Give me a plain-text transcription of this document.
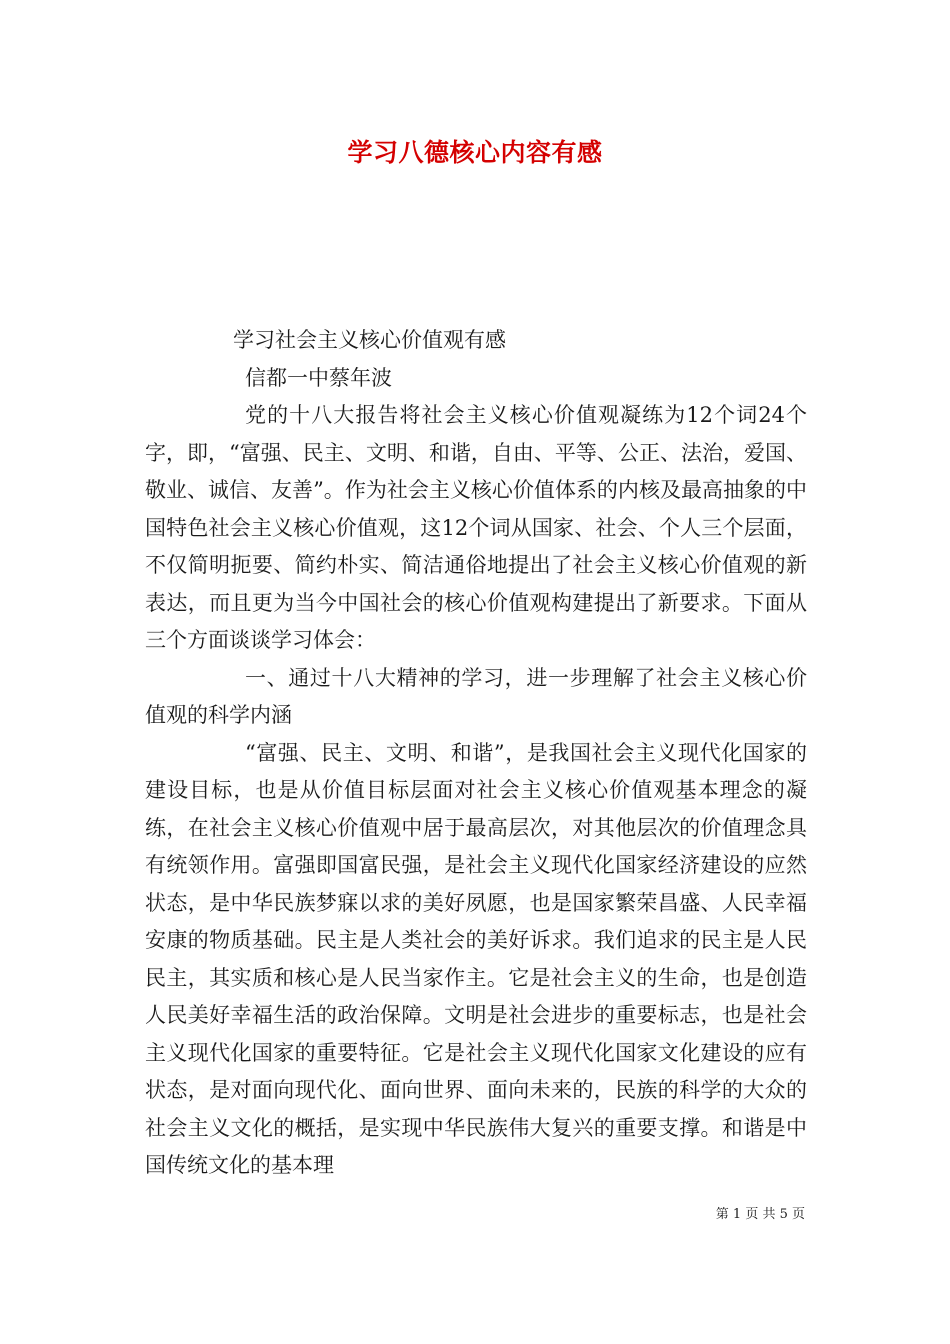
学习八德核心内容有感
学习社会主义核心价值观有感
信都一中蔡年波

党的十八大报告将社会主义核心价值观凝练为12个词24个字，即，“富强、民主、文明、和谐，自由、平等、公正、法治，爱国、敬业、诚信、友善”。作为社会主义核心价值体系的内核及最高抽象的中国特色社会主义核心价值观，这12个词从国家、社会、个人三个层面，不仅简明扼要、简约朴实、简洁通俗地提出了社会主义核心价值观的新表达，而且更为当今中国社会的核心价值观构建提出了新要求。下面从三个方面谈谈学习体会：

一、通过十八大精神的学习，进一步理解了社会主义核心价值观的科学内涵

“富强、民主、文明、和谐”，是我国社会主义现代化国家的建设目标，也是从价值目标层面对社会主义核心价值观基本理念的凝练，在社会主义核心价值观中居于最高层次，对其他层次的价值理念具有统领作用。富强即国富民强，是社会主义现代化国家经济建设的应然状态，是中华民族梦寐以求的美好夙愿，也是国家繁荣昌盛、人民幸福安康的物质基础。民主是人类社会的美好诉求。我们追求的民主是人民民主，其实质和核心是人民当家作主。它是社会主义的生命，也是创造人民美好幸福生活的政治保障。文明是社会进步的重要标志，也是社会主义现代化国家的重要特征。它是社会主义现代化国家文化建设的应有状态，是对面向现代化、面向世界、面向未来的，民族的科学的大众的社会主义文化的概括，是实现中华民族伟大复兴的重要支撑。和谐是中国传统文化的基本理

第 1 页 共 5 页
